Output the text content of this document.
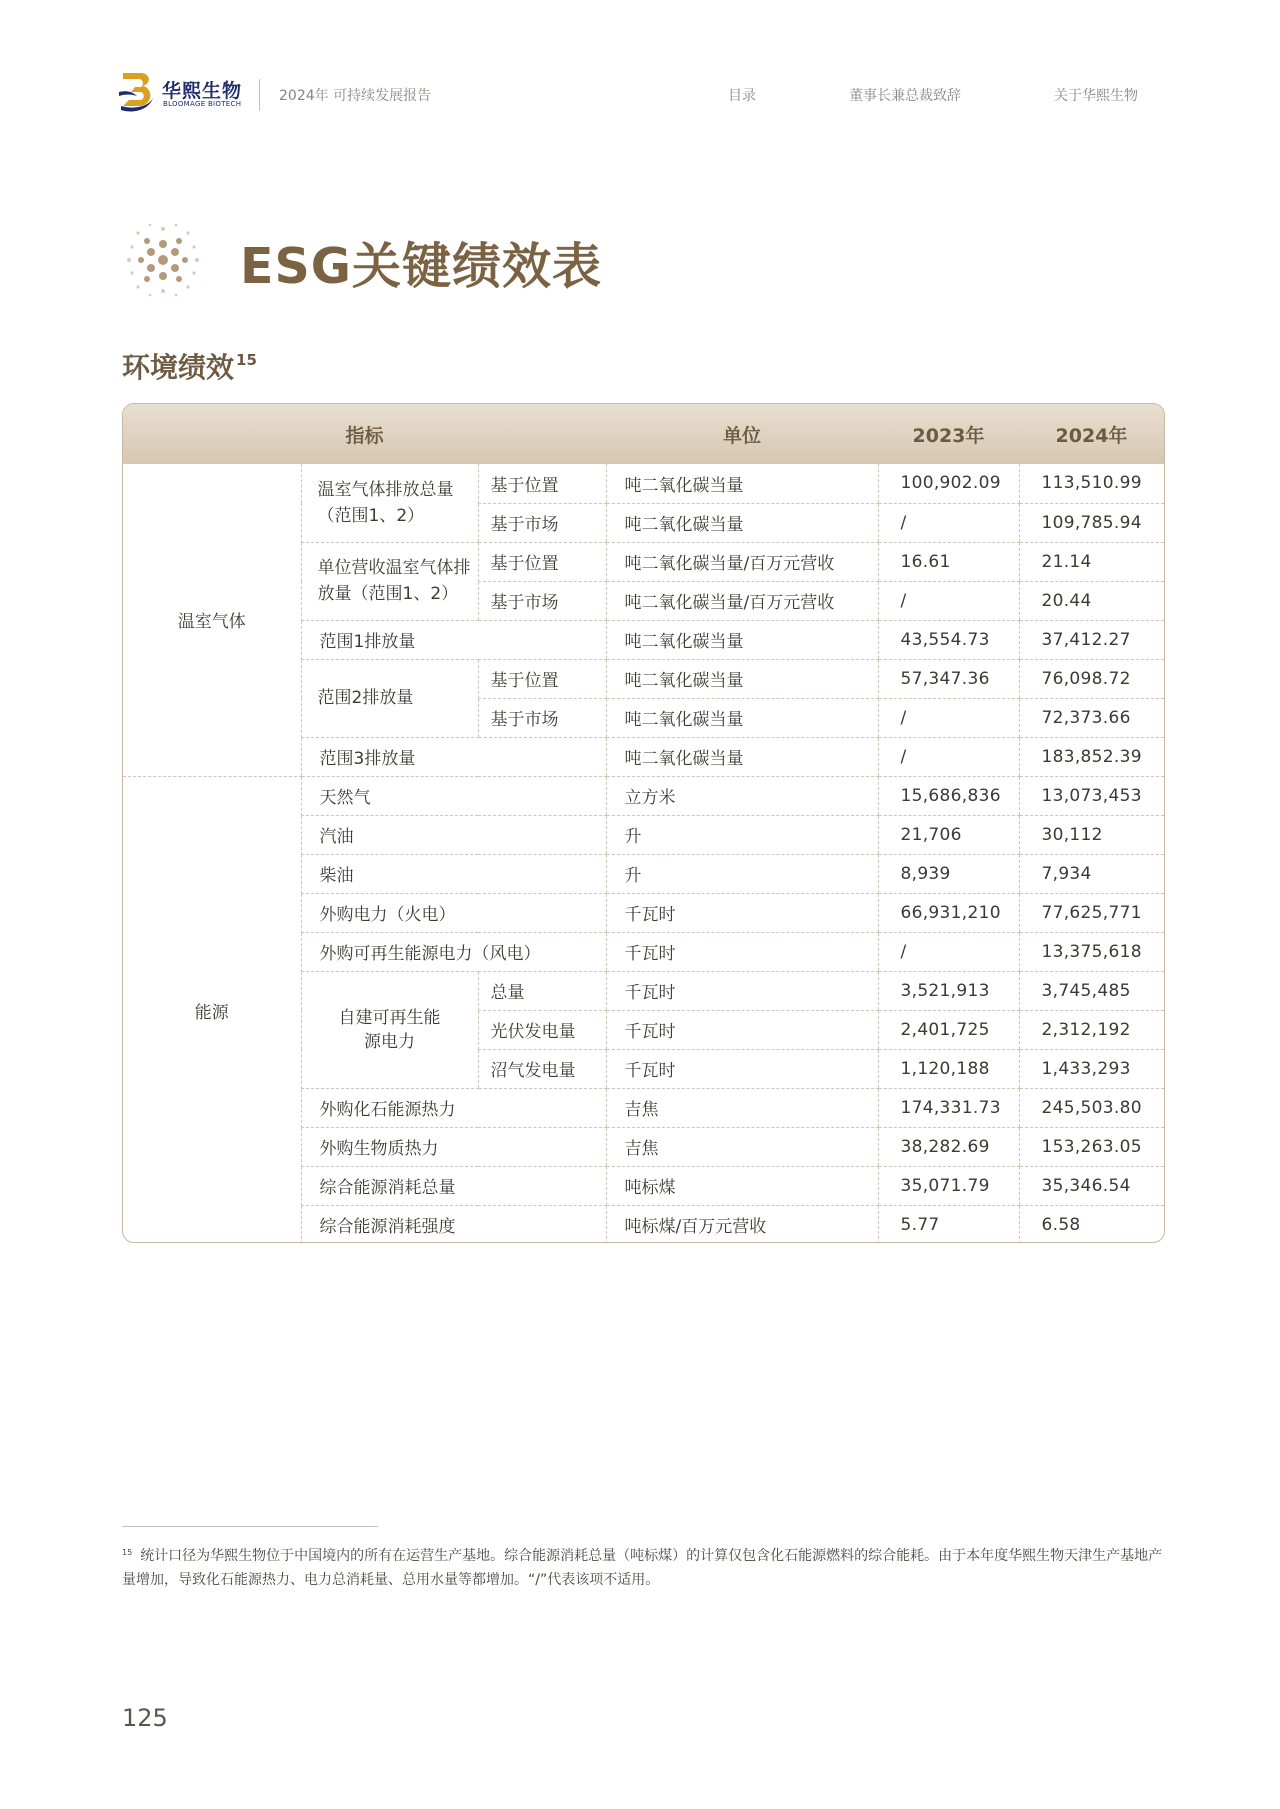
华熙生物
BLOOMAGE BIOTECH	2024年 可持续发展报告	目录	董事长兼总裁致辞	关于华熙生物
ESG关键绩效表
环境绩效 $^{15}$
指标			单位	2023年	2024年
温室气体	温室气体排放总量（范围1、2）	基于位置	吨二氧化碳当量	100,902.09	113,510.99
		基于市场	吨二氧化碳当量	/	109,785.94
	单位营收温室气体排放量（范围1、2）	基于位置	吨二氧化碳当量/百万元营收	16.61	21.14
		基于市场	吨二氧化碳当量/百万元营收	/	20.44
	范围1排放量		吨二氧化碳当量	43,554.73	37,412.27
	范围2排放量	基于位置	吨二氧化碳当量	57,347.36	76,098.72
		基于市场	吨二氧化碳当量	/	72,373.66
	范围3排放量		吨二氧化碳当量	/	183,852.39
能源	天然气		立方米	15,686,836	13,073,453
	汽油		升	21,706	30,112
	柴油		升	8,939	7,934
	外购电力（火电）		千瓦时	66,931,210	77,625,771
	外购可再生能源电力（风电）		千瓦时	/	13,375,618
	自建可再生能源电力	总量	千瓦时	3,521,913	3,745,485
		光伏发电量	千瓦时	2,401,725	2,312,192
		沼气发电量	千瓦时	1,120,188	1,433,293
	外购化石能源热力		吉焦	174,331.73	245,503.80
	外购生物质热力		吉焦	38,282.69	153,263.05
	综合能源消耗总量		吨标煤	35,071.79	35,346.54
	综合能源消耗强度		吨标煤/百万元营收	5.77	6.58
$^{15}$ 统计口径为华熙生物位于中国境内的所有在运营生产基地。综合能源消耗总量（吨标煤）的计算仅包含化石能源燃料的综合能耗。由于本年度华熙生物天津生产基地产量增加，导致化石能源热力、电力总消耗量、总用水量等都增加。“/”代表该项不适用。
125
